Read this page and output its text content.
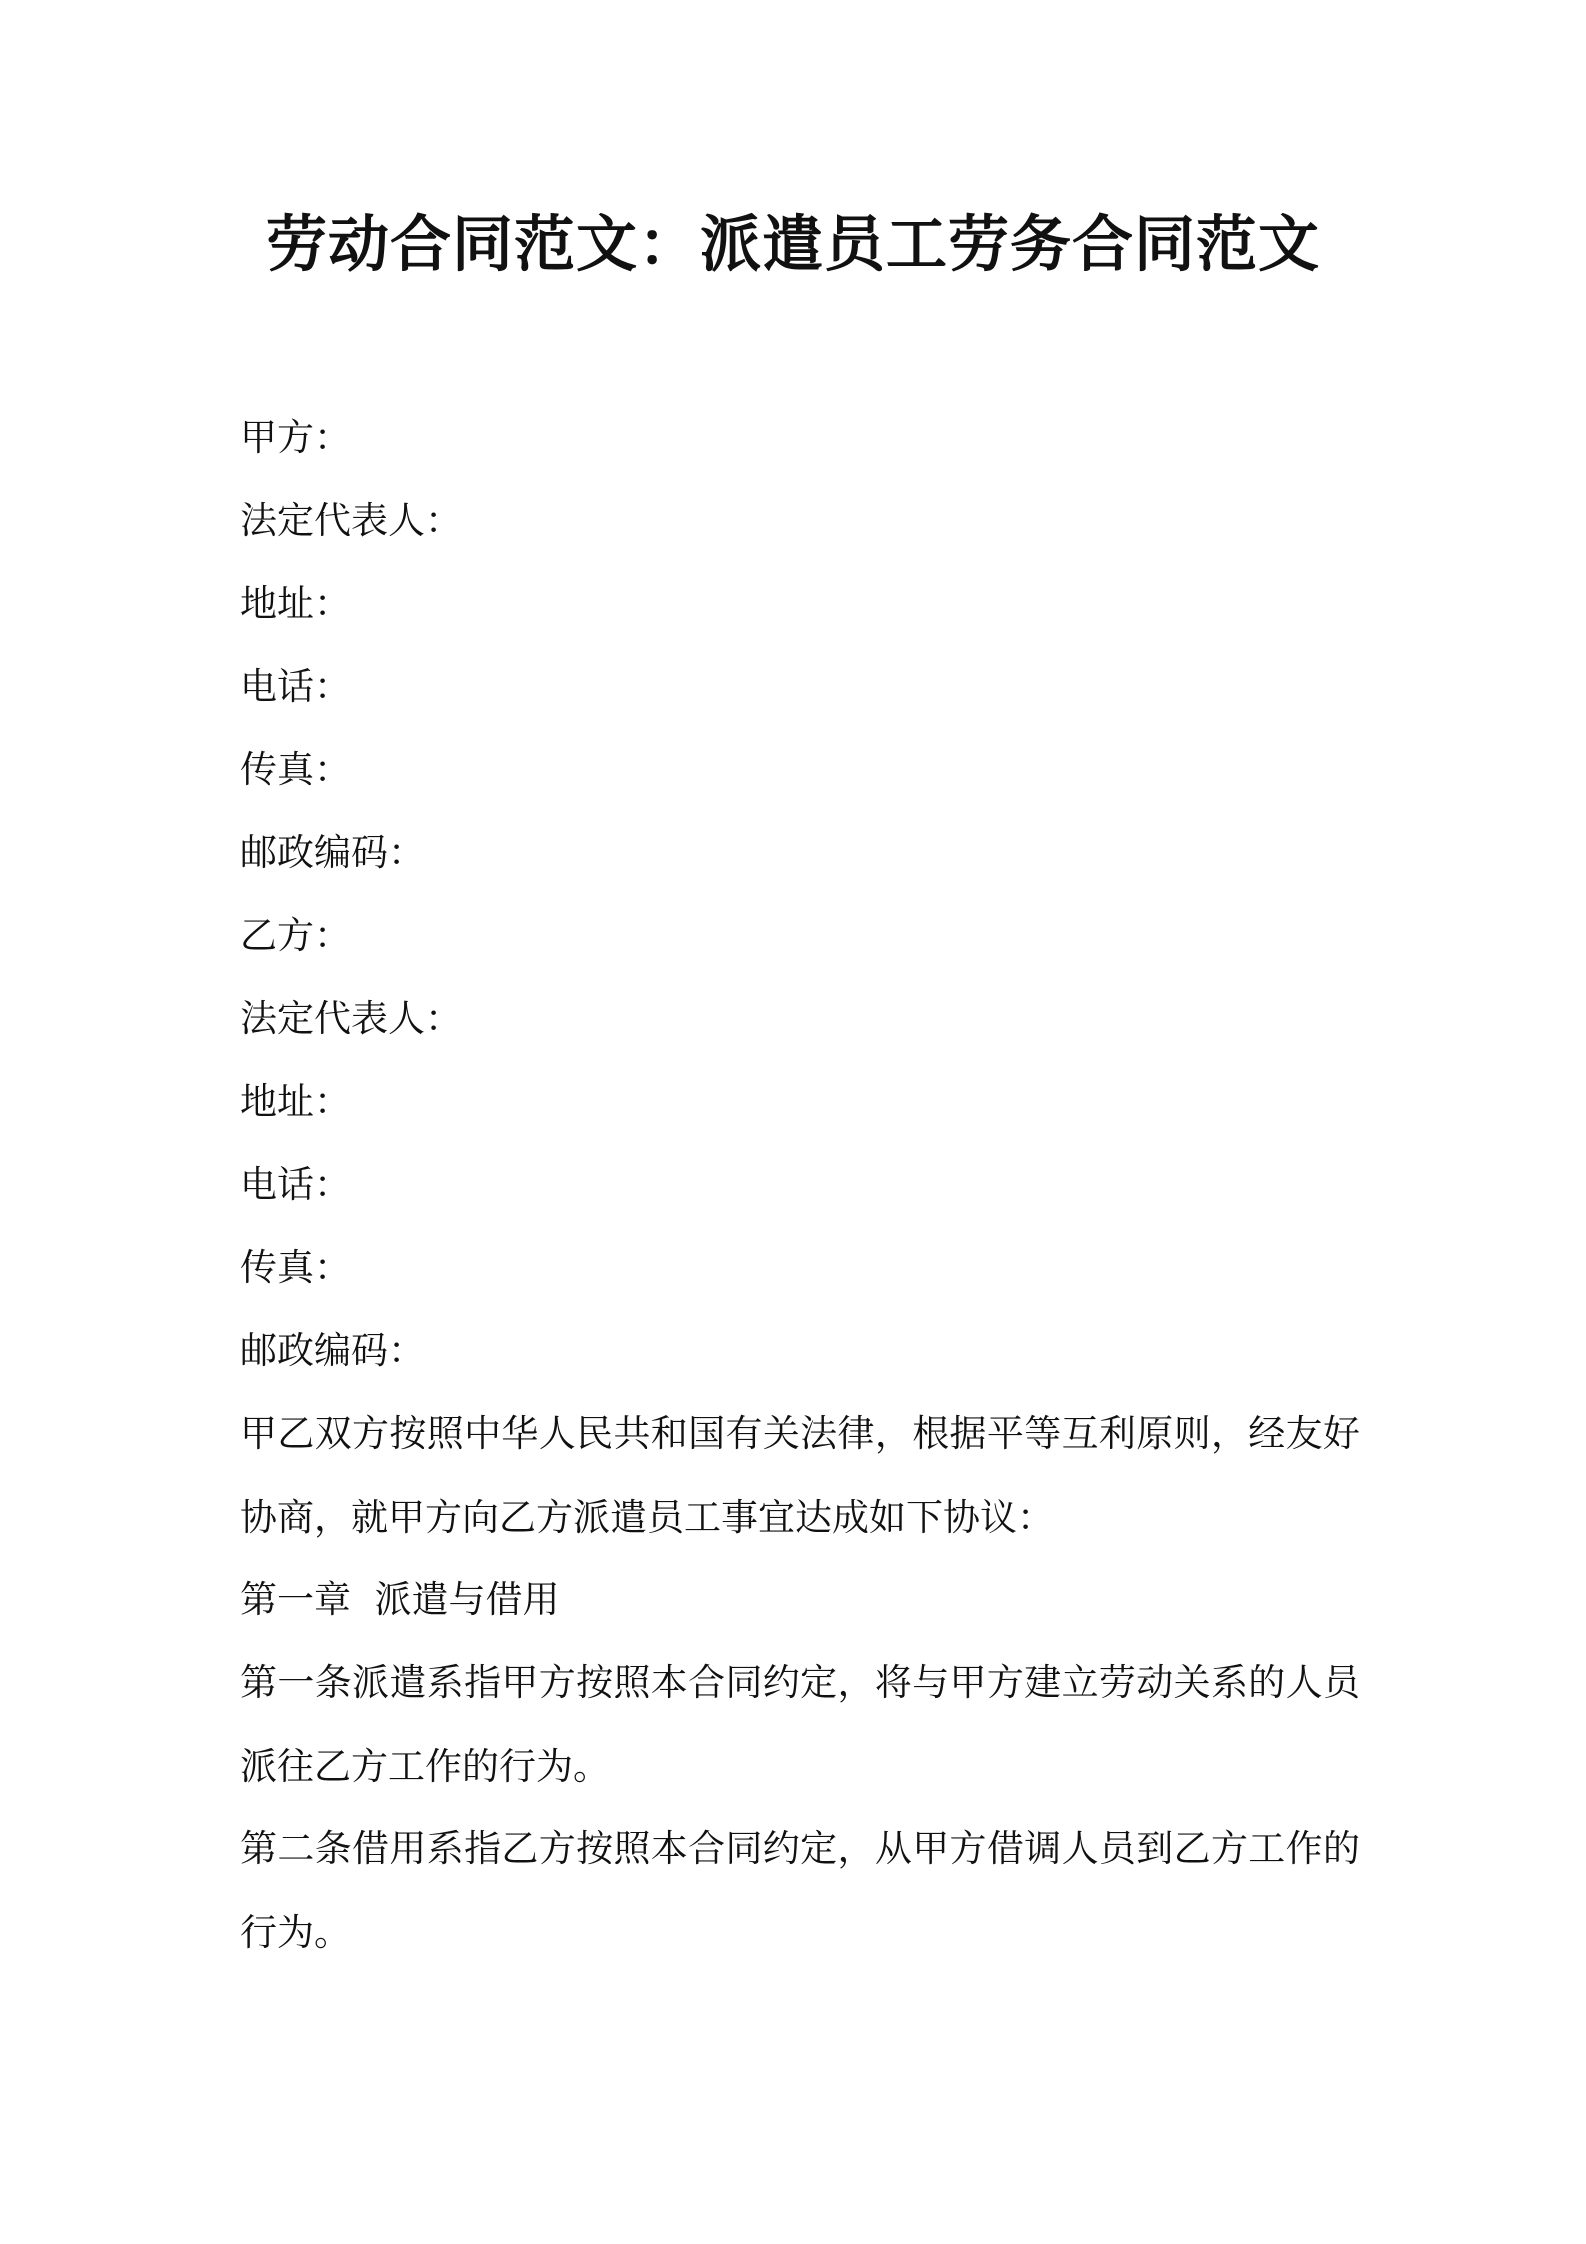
劳动合同范文：派遣员工劳务合同范文
甲方：
法定代表人：
地址：
电话：
传真：
邮政编码：
乙方：
法定代表人：
地址：
电话：
传真：
邮政编码：
甲乙双方按照中华人民共和国有关法律，根据平等互利原则，经友好协商，就甲方向乙方派遣员工事宜达成如下协议：
第一章  派遣与借用
第一条派遣系指甲方按照本合同约定，将与甲方建立劳动关系的人员派往乙方工作的行为。
第二条借用系指乙方按照本合同约定，从甲方借调人员到乙方工作的行为。
